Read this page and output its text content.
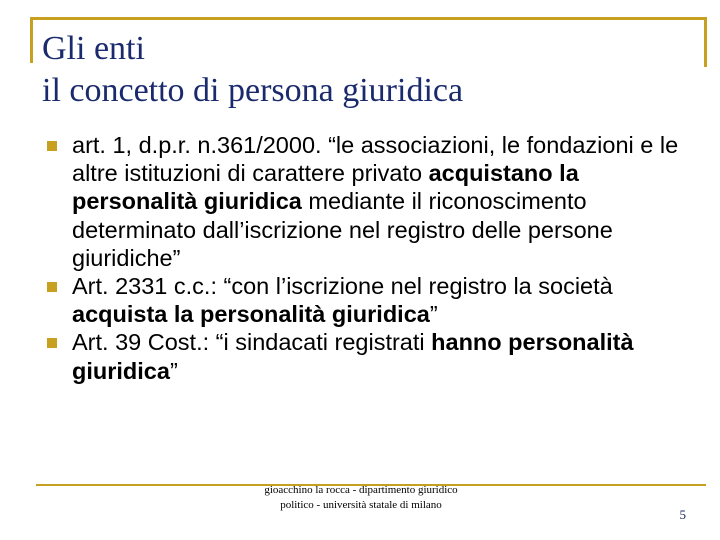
Gli enti
il concetto di persona giuridica
art. 1, d.p.r. n.361/2000. “le associazioni, le fondazioni e le altre istituzioni di carattere privato acquistano la personalità giuridica mediante il riconoscimento determinato dall’iscrizione nel registro delle persone giuridiche”
Art. 2331 c.c.: “con l’iscrizione nel registro la società acquista la personalità giuridica”
Art. 39 Cost.: “i sindacati registrati hanno personalità giuridica”
gioacchino la rocca - dipartimento giuridico politico - università statale di milano
5
